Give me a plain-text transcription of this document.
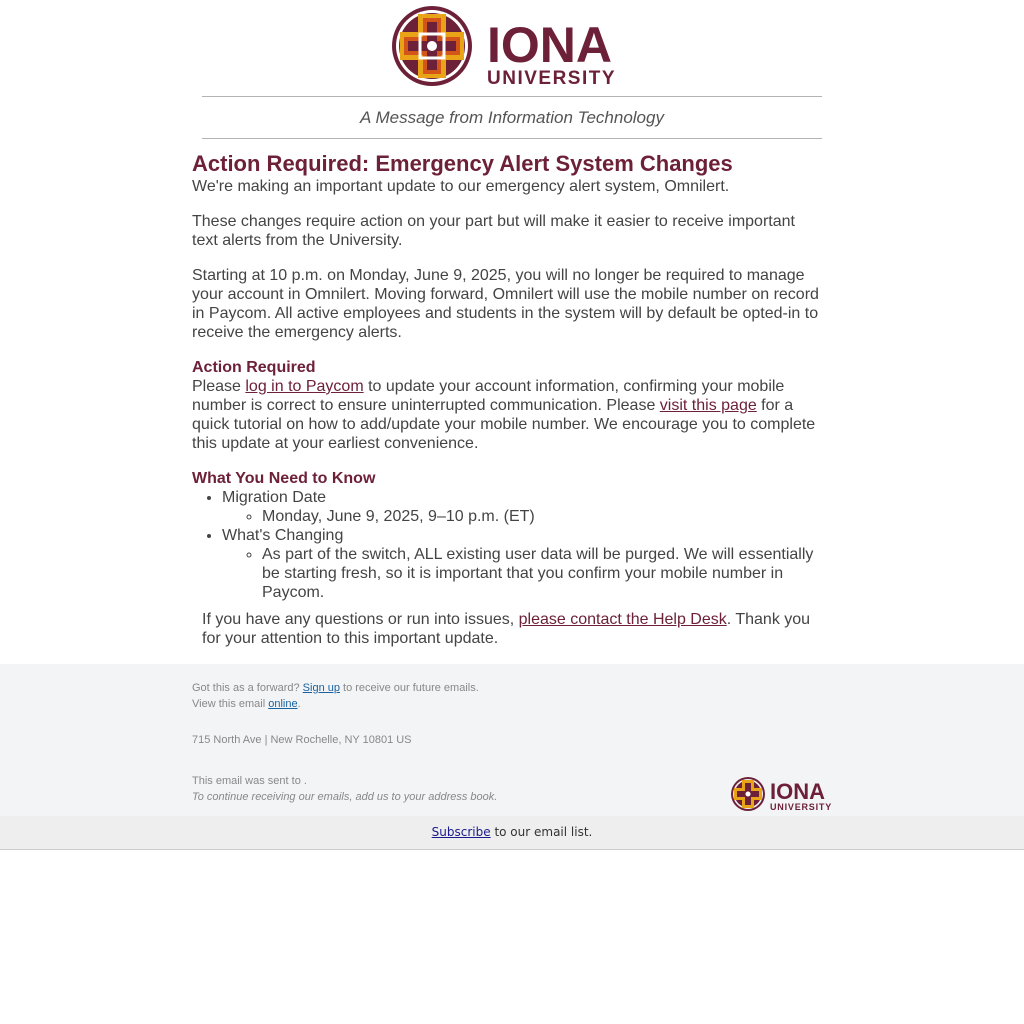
IONA
UNIVERSITY
A Message from Information Technology
Action Required: Emergency Alert System Changes

We're making an important update to our emergency alert system, Omnilert.

These changes require action on your part but will make it easier to receive important text alerts from the University.

Starting at 10 p.m. on Monday, June 9, 2025, you will no longer be required to manage your account in Omnilert. Moving forward, Omnilert will use the mobile number on record in Paycom. All active employees and students in the system will by default be opted-in to receive the emergency alerts.

Action Required

Please log in to Paycom to update your account information, confirming your mobile number is correct to ensure uninterrupted communication. Please visit this page for a quick tutorial on how to add/update your mobile number. We encourage you to complete this update at your earliest convenience.

What You Need to Know
• Migration Date
◦ Monday, June 9, 2025, 9–10 p.m. (ET)
• What's Changing
◦ As part of the switch, ALL existing user data will be purged. We will essentially be starting fresh, so it is important that you confirm your mobile number in Paycom.
If you have any questions or run into issues, please contact the Help Desk. Thank you for your attention to this important update.
Got this as a forward? Sign up to receive our future emails.
View this email online.
715 North Ave | New Rochelle, NY 10801 US
This email was sent to .
To continue receiving our emails, add us to your address book.	IONA
UNIVERSITY
Subscribe to our email list.
